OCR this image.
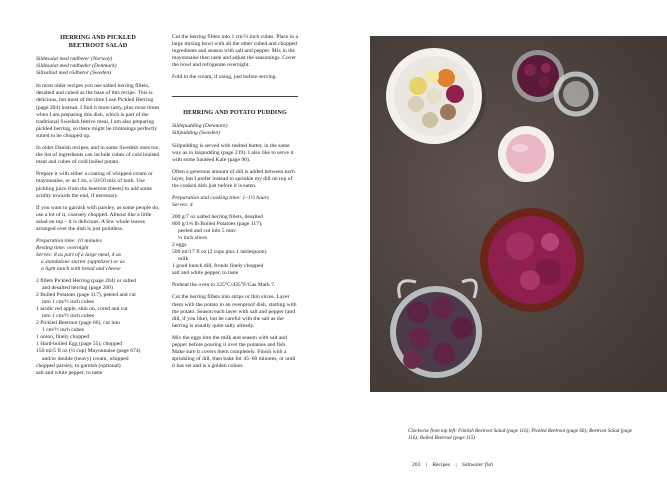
HERRING AND PICKLED
BEETROOT SALAD
Sildesalat med rødbeter (Norway)
Sildesalat med rødbeder (Denmark)
Sillsallad med rödbetor (Sweden)

In most older recipes you use salted herring fillets, desalted and cubed as the base of this recipe. This is delicious, but most of the time I use Pickled Herring (page 204) instead. I find it more tasty, plus most times when I am preparing this dish, which is part of the traditional Swedish festive meal, I am also preparing pickled herring, so there might be trimmings perfectly suited to be chopped up.

In older Danish recipes, and in some Swedish ones too, the list of ingredients can include cubes of cold braised meat and cubes of cold boiled potato.

Prepare it with either a coating of whipped cream or mayonnaise, or as I do, a 50/50 mix of both. Use pickling juice from the beetroot (beets) to add some acidity towards the end, if necessary.

If you want to garnish with parsley, as some people do, use a lot of it, coarsely chopped. Almost like a little salad on top – it is delicious. A few whole leaves arranged over the dish is just pointless.

Preparation time: 10 minutes
Resting time: overnight
Serves: 8 as part of a large meal, 4 as
a standalone starter (appetizer) or as
a light lunch with bread and cheese
2 fillets Pickled Herring (page 204) or salted
and desalted herring (page 200)
2 Boiled Potatoes (page 117), peeled and cut
into 1 cm/½ inch cubes
1 acidic red apple, skin on, cored and cut
into 1 cm/½ inch cubes
2 Pickled Beetroot (page 66), cut into
1 cm/½ inch cubes
1 onion, finely chopped
1 Hard-boiled Egg (page 55), chopped
150 ml/5 fl oz (⅔ cup) Mayonnaise (page 674)
and/or double (heavy) cream, whipped
chopped parsley, to garnish (optional)
salt and white pepper, to taste

Cut the herring fillets into 1 cm/½ inch cubes. Place in a large mixing bowl with all the other cubed and chopped ingredients and season with salt and pepper. Mix in the mayonnaise then taste and adjust the seasonings. Cover the bowl and refrigerate overnight.

Fold in the cream, if using, just before serving.

HERRING AND POTATO PUDDING
Sildepudding (Denmark)
Sillpudding (Sweden)

Sillpudding is served with melted butter, in the same way as in laxpudding (page 219). I also like to serve it with some Sautéed Kale (page 90).

Often a generous amount of dill is added between each layer, but I prefer instead to sprinkle my dill on top of the cooked dish just before it is eaten.

Preparation and cooking time: 1–1½ hours
Serves: 4
200 g/7 oz salted herring fillets, desalted
800 g/1¾ lb Boiled Potatoes (page 117),
peeled and cut into 5 mm/
¼ inch slices
2 eggs
500 ml/17 fl oz (2 cups plus 1 tablespoon)
milk
1 good bunch dill, fronds finely chopped
salt and white pepper, to taste

Preheat the oven to 225°C/435°F/Gas Mark 7.

Cut the herring fillets into strips or thin slices. Layer them with the potato in an ovenproof dish, starting with the potato. Season each layer with salt and pepper (and dill, if you like), but be careful with the salt as the herring is usually quite salty already.

Mix the eggs into the milk and season with salt and pepper before pouring it over the potatoes and fish. Make sure it covers them completely. Finish with a sprinkling of dill, then bake for 45–60 minutes, or until it has set and is a golden colour.

Clockwise from top left: Finnish Beetroot Salad (page 116); Pickled Beetroot (page 66); Beetroot Salad (page 116); Boiled Beetroot (page 115)
203 | Recipes | Saltwater fish
